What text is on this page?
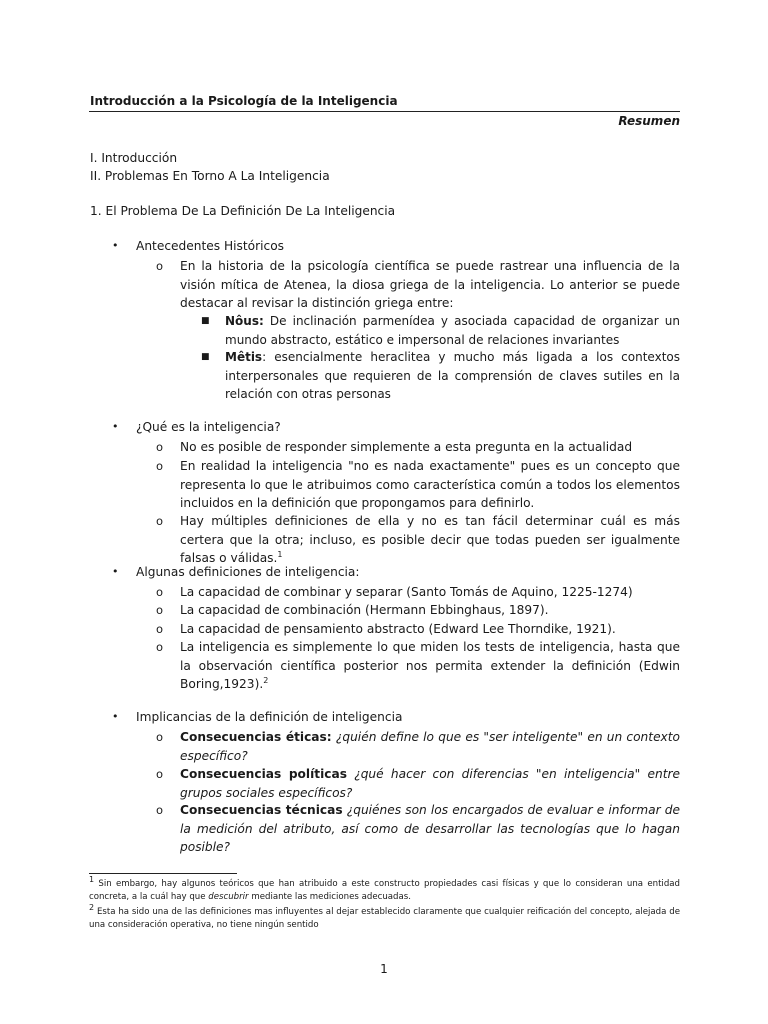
Introducción a la Psicología de la Inteligencia
Resumen
I. Introducción
II. Problemas En Torno A La Inteligencia
1. El Problema De La Definición De La Inteligencia
• Antecedentes Históricos
o En la historia de la psicología científica se puede rastrear una influencia de la visión mítica de Atenea, la diosa griega de la inteligencia. Lo anterior se puede destacar al revisar la distinción griega entre:
■ Nôus: De inclinación parmenídea y asociada capacidad de organizar un mundo abstracto, estático e impersonal de relaciones invariantes
■ Mêtis: esencialmente heraclitea y mucho más ligada a los contextos interpersonales que requieren de la comprensión de claves sutiles en la relación con otras personas
• ¿Qué es la inteligencia?
o No es posible de responder simplemente a esta pregunta en la actualidad
o En realidad la inteligencia "no es nada exactamente" pues es un concepto que representa lo que le atribuimos como característica común a todos los elementos incluidos en la definición que propongamos para definirlo.
o Hay múltiples definiciones de ella y no es tan fácil determinar cuál es más certera que la otra; incluso, es posible decir que todas pueden ser igualmente falsas o válidas.$^1$
• Algunas definiciones de inteligencia:
o La capacidad de combinar y separar (Santo Tomás de Aquino, 1225-1274)
o La capacidad de combinación (Hermann Ebbinghaus, 1897).
o La capacidad de pensamiento abstracto (Edward Lee Thorndike, 1921).
o La inteligencia es simplemente lo que miden los tests de inteligencia, hasta que la observación científica posterior nos permita extender la definición (Edwin Boring,1923).$^2$
• Implicancias de la definición de inteligencia
o Consecuencias éticas: ¿quién define lo que es "ser inteligente" en un contexto específico?
o Consecuencias políticas ¿qué hacer con diferencias "en inteligencia" entre grupos sociales específicos?
o Consecuencias técnicas ¿quiénes son los encargados de evaluar e informar de la medición del atributo, así como de desarrollar las tecnologías que lo hagan posible?
$^1$ Sin embargo, hay algunos teóricos que han atribuido a este constructo propiedades casi físicas y que lo consideran una entidad concreta, a la cuál hay que descubrir mediante las mediciones adecuadas.
$^2$ Esta ha sido una de las definiciones mas influyentes al dejar establecido claramente que cualquier reificación del concepto, alejada de una consideración operativa, no tiene ningún sentido
1
